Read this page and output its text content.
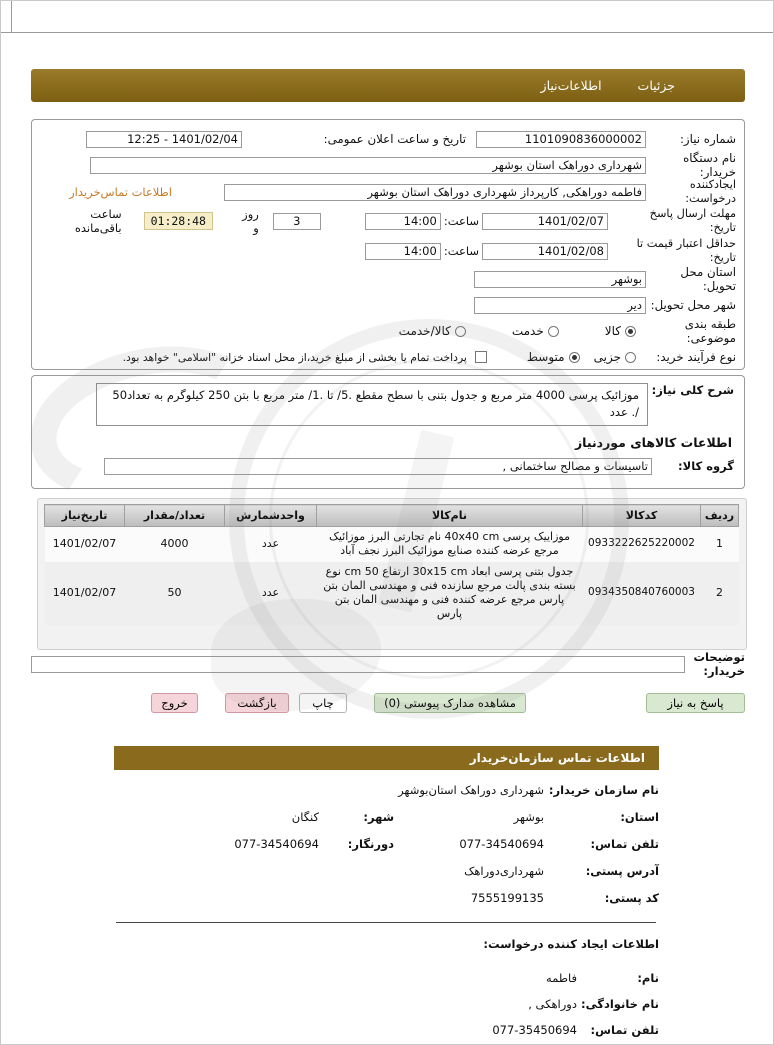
جزئیات
اطلاعات‌نیاز
شماره نیاز:
1101090836000002
تاریخ و ساعت اعلان عمومی:
1401/02/04 - 12:25
نام دستگاه خریدار:
شهرداری دوراهک استان بوشهر
ایجادکننده
درخواست:
فاطمه دوراهکی, کارپرداز شهرداری دوراهک استان بوشهر
اطلاعات تماس‌خریدار
مهلت ارسال پاسخ
تاریخ:
1401/02/07
ساعت:
14:00
3
روز و
01:28:48
ساعت باقی‌مانده
حداقل اعتبار قیمت تا
تاریخ:
1401/02/08
ساعت:
14:00
استان محل تحویل:
بوشهر
شهر محل تحویل:
دیر
طبقه بندی موضوعی:
کالا
خدمت
کالا/خدمت
نوع فرآیند خرید:
جزیی
متوسط
پرداخت تمام یا بخشی از مبلغ خرید،از محل اسناد خزانه "اسلامی" خواهد بود.
شرح کلی نیاز:
موزائیک پرسی 4000 متر مربع و جدول بتنی با سطح مقطع .5/ تا .1/ متر مربع با بتن 250 کیلوگرم به تعداد50 /. عدد
اطلاعات کالاهای موردنیاز
گروه کالا:
تاسیسات و مصالح ساختمانی ,
ردیف	کدکالا	نام‌کالا	واحدشمارش	تعداد/مقدار	تاریخ‌نیاز
1	0933222625220002	موزاییک پرسی 40x40 cm نام تجارتی البرز موزائیک مرجع عرضه کننده صنایع موزائیک البرز نجف آباد	عدد	4000	1401/02/07
2	0934350840760003	جدول بتنی پرسی ابعاد 30x15 cm ارتفاع 50 cm نوع بسته بندی پالت مرجع سازنده فنی و مهندسی المان بتن پارس مرجع عرضه کننده فنی و مهندسی المان بتن پارس	عدد	50	1401/02/07
توضیحات
خریدار:
پاسخ به نیاز
مشاهده مدارک پیوستی (0)
چاپ
بازگشت
خروج
اطلاعات تماس سازمان‌خریدار
نام سازمان خریدار:
شهرداری دوراهک استان‌بوشهر
استان:
بوشهر
شهر:
کنگان
تلفن تماس:
077-34540694
دورنگار:
077-34540694
آدرس پستی:
شهرداری‌دوراهک
کد پستی:
7555199135
اطلاعات ایجاد کننده درخواست:
نام:
فاطمه
نام خانوادگی:
دوراهکی ,
تلفن تماس:
077-35450694
